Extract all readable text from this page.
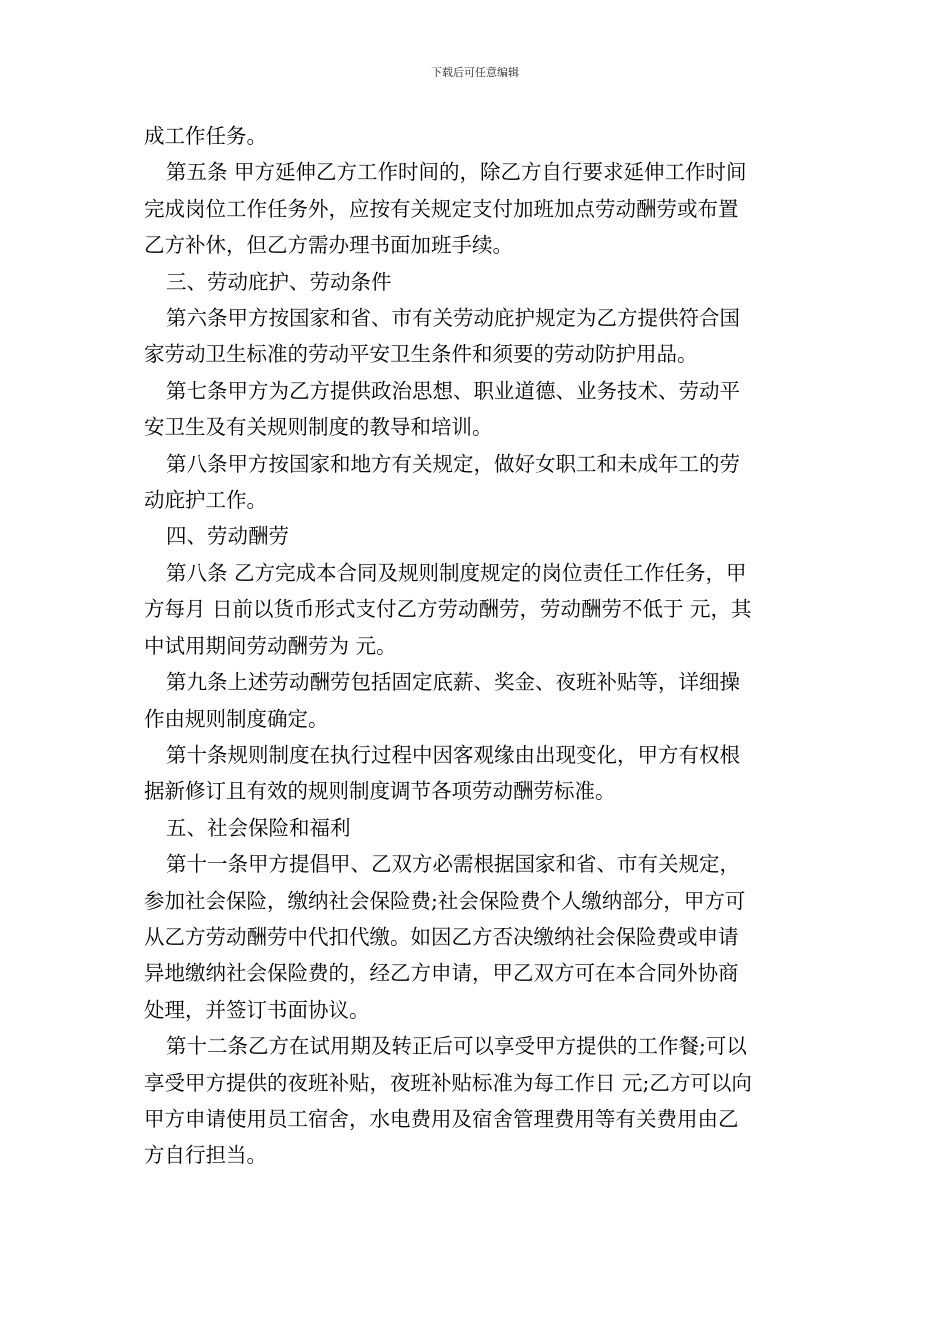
下载后可任意编辑

成工作任务。

第五条 甲方延伸乙方工作时间的，除乙方自行要求延伸工作时间
完成岗位工作任务外，应按有关规定支付加班加点劳动酬劳或布置
乙方补休，但乙方需办理书面加班手续。

三、劳动庇护、劳动条件

第六条甲方按国家和省、市有关劳动庇护规定为乙方提供符合国
家劳动卫生标准的劳动平安卫生条件和须要的劳动防护用品。

第七条甲方为乙方提供政治思想、职业道德、业务技术、劳动平
安卫生及有关规则制度的教导和培训。

第八条甲方按国家和地方有关规定，做好女职工和未成年工的劳
动庇护工作。

四、劳动酬劳

第八条 乙方完成本合同及规则制度规定的岗位责任工作任务，甲
方每月 日前以货币形式支付乙方劳动酬劳，劳动酬劳不低于 元，其
中试用期间劳动酬劳为 元。

第九条上述劳动酬劳包括固定底薪、奖金、夜班补贴等，详细操
作由规则制度确定。

第十条规则制度在执行过程中因客观缘由出现变化，甲方有权根
据新修订且有效的规则制度调节各项劳动酬劳标准。

五、社会保险和福利

第十一条甲方提倡甲、乙双方必需根据国家和省、市有关规定，
参加社会保险，缴纳社会保险费;社会保险费个人缴纳部分，甲方可
从乙方劳动酬劳中代扣代缴。如因乙方否决缴纳社会保险费或申请
异地缴纳社会保险费的，经乙方申请，甲乙双方可在本合同外协商
处理，并签订书面协议。

第十二条乙方在试用期及转正后可以享受甲方提供的工作餐;可以
享受甲方提供的夜班补贴，夜班补贴标准为每工作日 元;乙方可以向
甲方申请使用员工宿舍，水电费用及宿舍管理费用等有关费用由乙
方自行担当。
